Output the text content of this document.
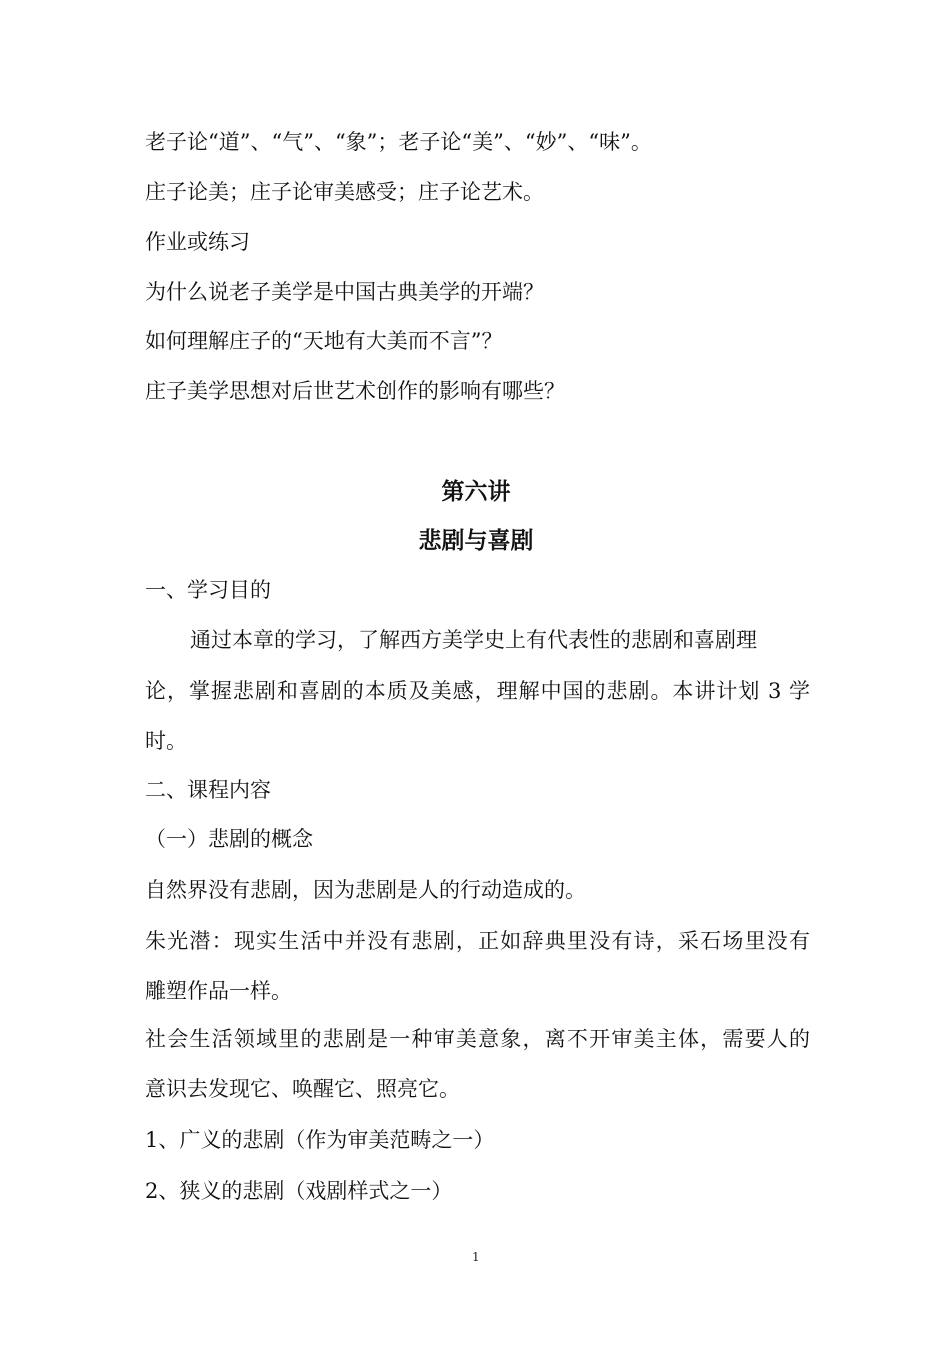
老子论“道”、“气”、“象”；老子论“美”、“妙”、“味”。
庄子论美；庄子论审美感受；庄子论艺术。
作业或练习
为什么说老子美学是中国古典美学的开端？
如何理解庄子的“天地有大美而不言”？
庄子美学思想对后世艺术创作的影响有哪些？
第六讲
悲剧与喜剧
一、学习目的
通过本章的学习，了解西方美学史上有代表性的悲剧和喜剧理
论，掌握悲剧和喜剧的本质及美感，理解中国的悲剧。本讲计划 3 学
时。
二、课程内容
（一）悲剧的概念
自然界没有悲剧，因为悲剧是人的行动造成的。
朱光潜：现实生活中并没有悲剧，正如辞典里没有诗，采石场里没有
雕塑作品一样。
社会生活领域里的悲剧是一种审美意象，离不开审美主体，需要人的
意识去发现它、唤醒它、照亮它。
1、广义的悲剧（作为审美范畴之一）
2、狭义的悲剧（戏剧样式之一）
1
